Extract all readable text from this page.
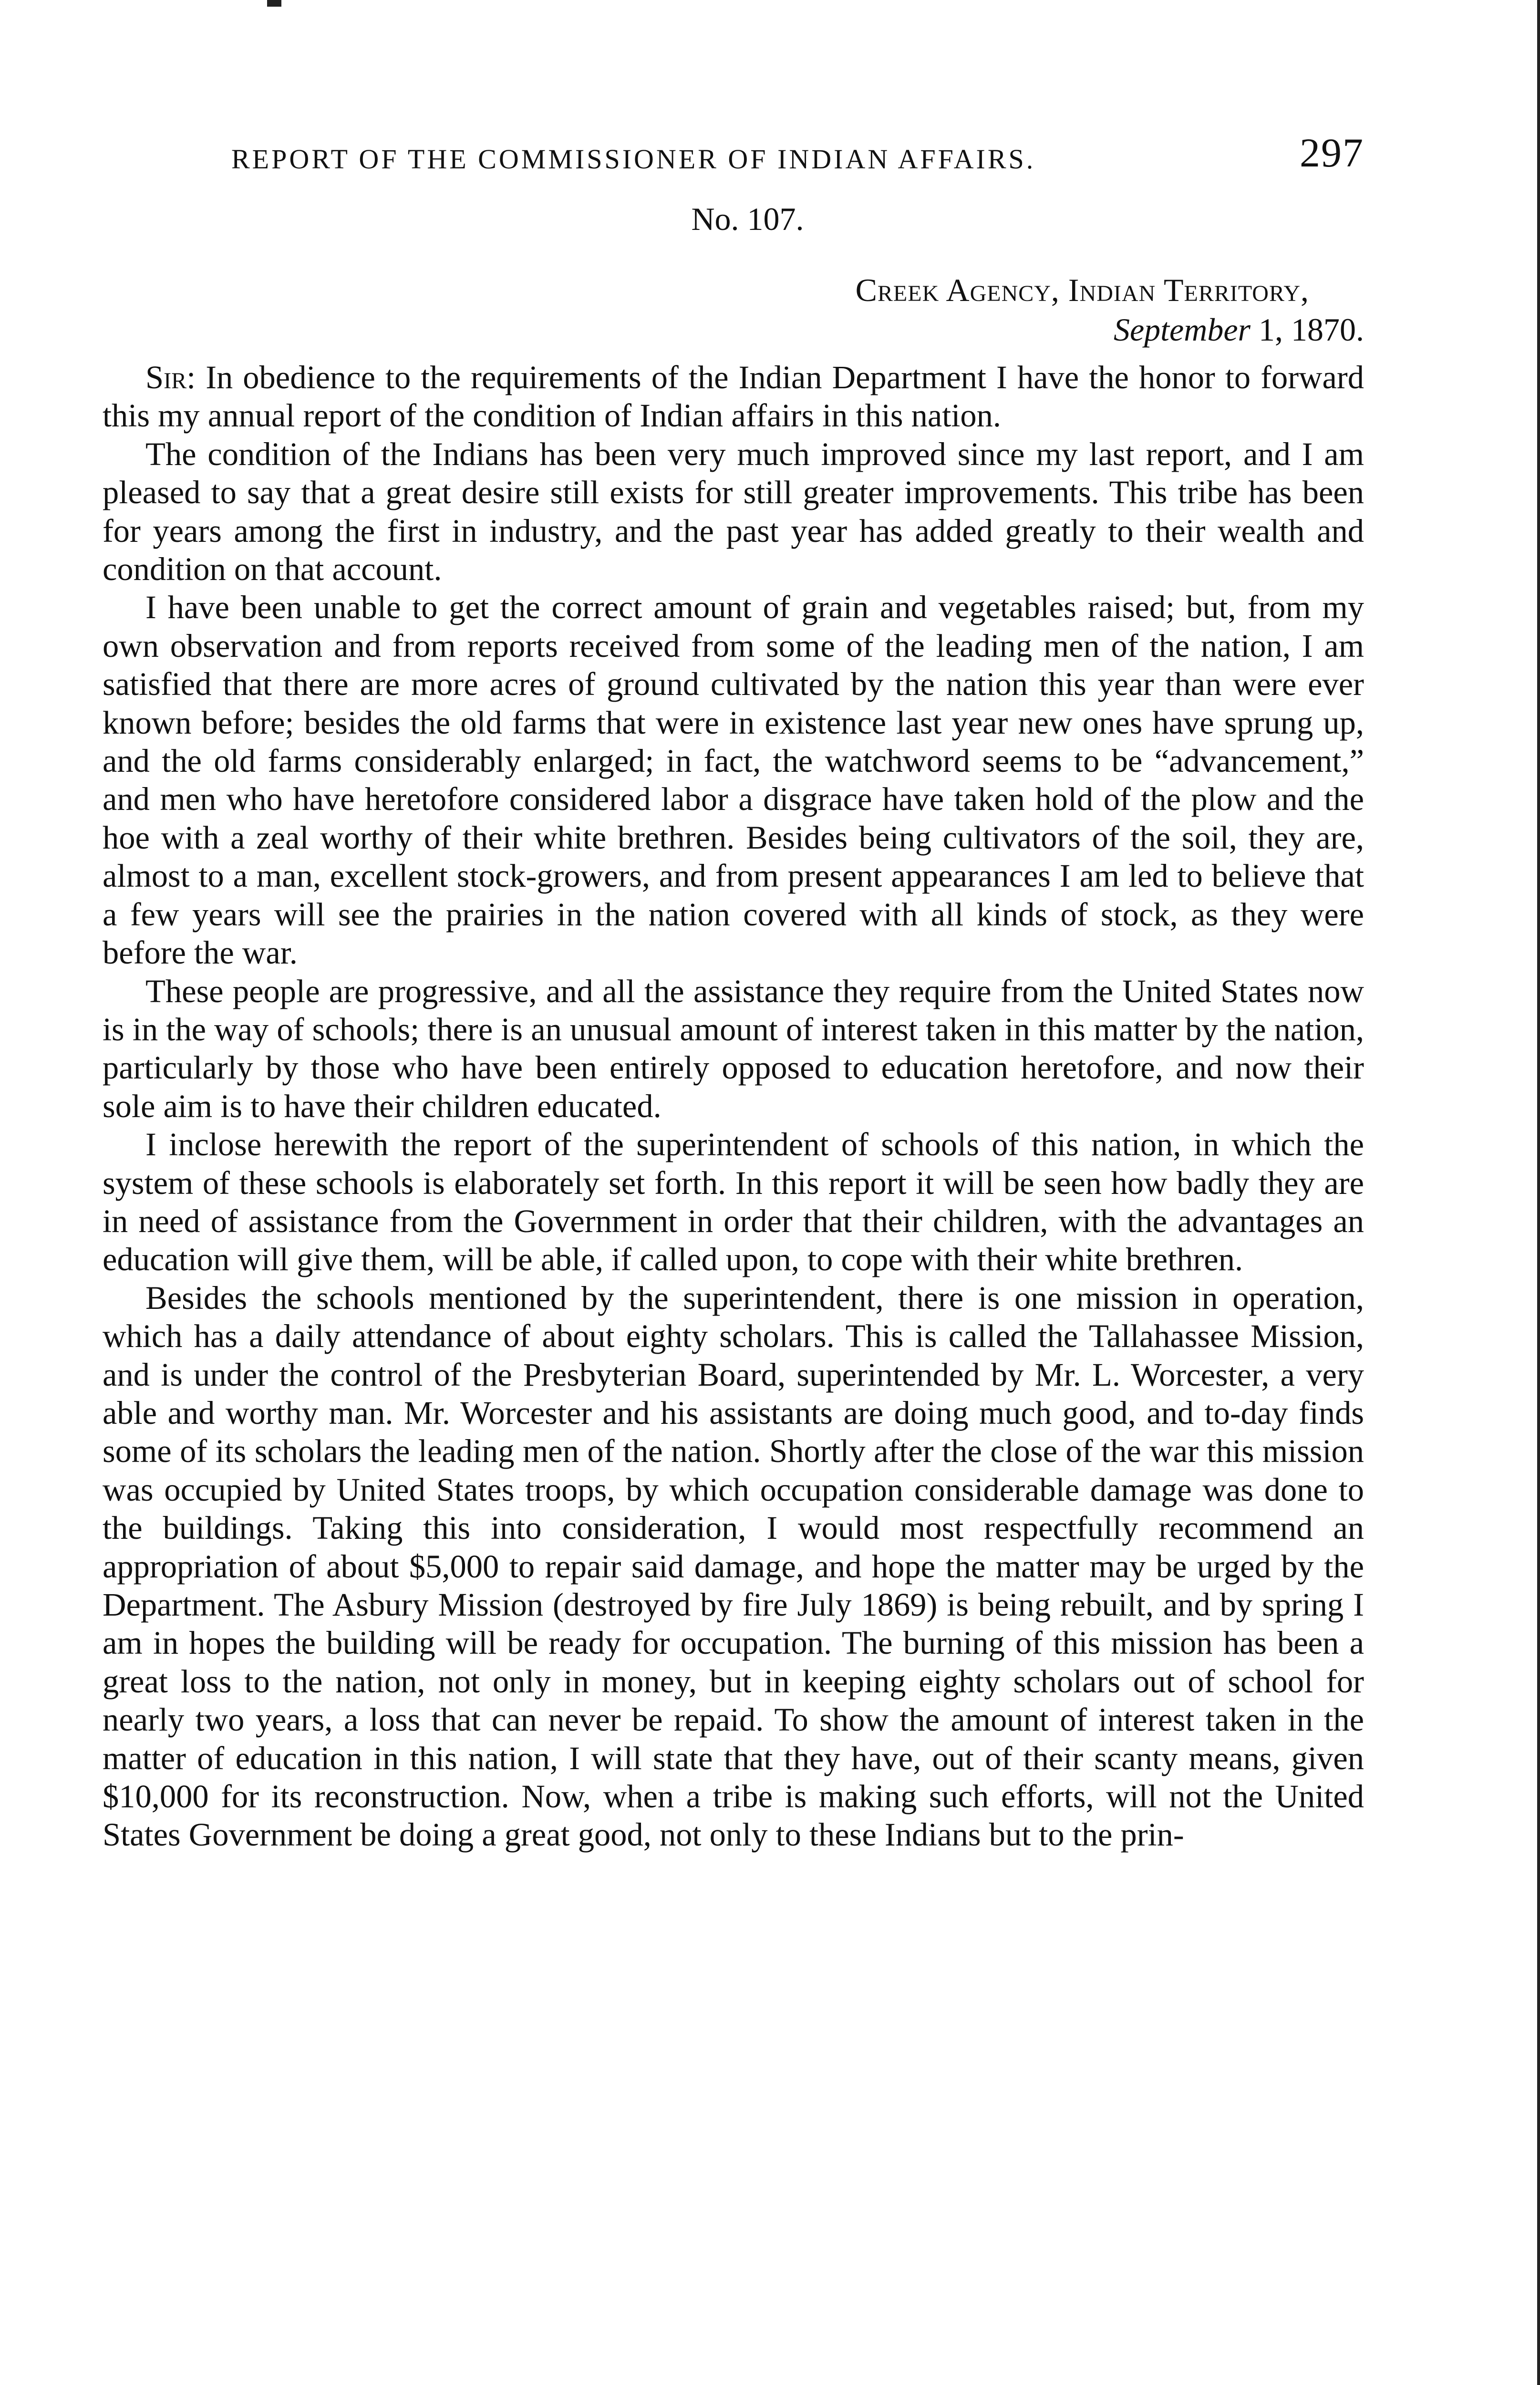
REPORT OF THE COMMISSIONER OF INDIAN AFFAIRS.	297
No. 107.
Creek Agency, Indian Territory,
September 1, 1870.

Sir: In obedience to the requirements of the Indian Department I have the honor to forward this my annual report of the condition of Indian affairs in this nation.

The condition of the Indians has been very much improved since my last report, and I am pleased to say that a great desire still exists for still greater improvements. This tribe has been for years among the first in industry, and the past year has added greatly to their wealth and condition on that account.

I have been unable to get the correct amount of grain and vegetables raised; but, from my own observation and from reports received from some of the leading men of the nation, I am satisfied that there are more acres of ground cultivated by the nation this year than were ever known before; besides the old farms that were in existence last year new ones have sprung up, and the old farms considerably enlarged; in fact, the watchword seems to be “advancement,” and men who have heretofore considered labor a disgrace have taken hold of the plow and the hoe with a zeal worthy of their white brethren. Besides being cultivators of the soil, they are, almost to a man, excellent stock-growers, and from present appearances I am led to believe that a few years will see the prairies in the nation covered with all kinds of stock, as they were before the war.

These people are progressive, and all the assistance they require from the United States now is in the way of schools; there is an unusual amount of interest taken in this matter by the nation, particularly by those who have been entirely opposed to education heretofore, and now their sole aim is to have their children educated.

I inclose herewith the report of the superintendent of schools of this nation, in which the system of these schools is elaborately set forth. In this report it will be seen how badly they are in need of assistance from the Government in order that their children, with the advantages an education will give them, will be able, if called upon, to cope with their white brethren.

Besides the schools mentioned by the superintendent, there is one mission in operation, which has a daily attendance of about eighty scholars. This is called the Tallahassee Mission, and is under the control of the Presbyterian Board, superintended by Mr. L. Worcester, a very able and worthy man. Mr. Worcester and his assistants are doing much good, and to-day finds some of its scholars the leading men of the nation. Shortly after the close of the war this mission was occupied by United States troops, by which occupation considerable damage was done to the buildings. Taking this into consideration, I would most respectfully recommend an appropriation of about $5,000 to repair said damage, and hope the matter may be urged by the Department. The Asbury Mission (destroyed by fire July 1869) is being rebuilt, and by spring I am in hopes the building will be ready for occupation. The burning of this mission has been a great loss to the nation, not only in money, but in keeping eighty scholars out of school for nearly two years, a loss that can never be repaid. To show the amount of interest taken in the matter of education in this nation, I will state that they have, out of their scanty means, given $10,000 for its reconstruction. Now, when a tribe is making such efforts, will not the United States Government be doing a great good, not only to these Indians but to the prin-
